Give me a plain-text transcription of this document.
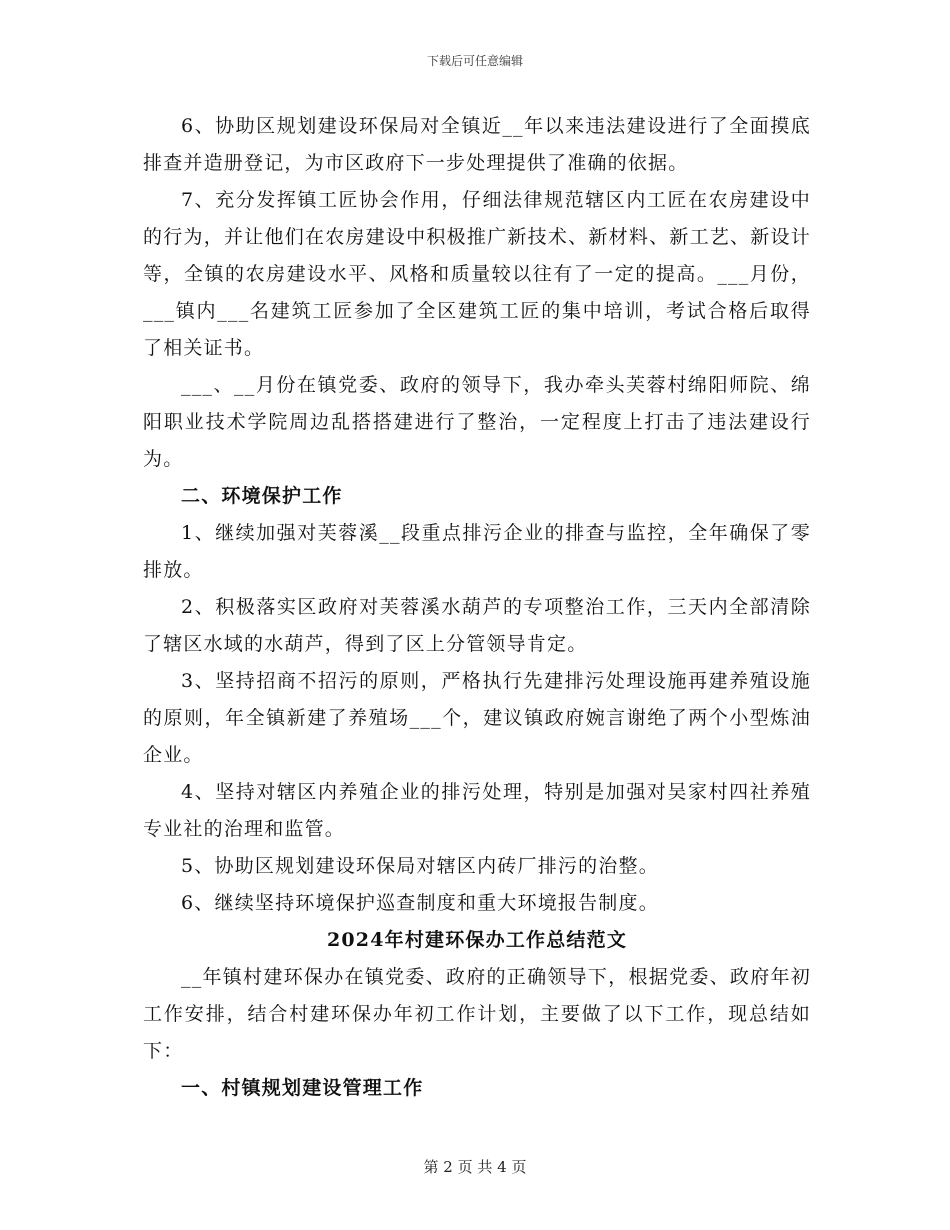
下载后可任意编辑

6、协助区规划建设环保局对全镇近__年以来违法建设进行了全面摸底排查并造册登记，为市区政府下一步处理提供了准确的依据。

7、充分发挥镇工匠协会作用，仔细法律规范辖区内工匠在农房建设中的行为，并让他们在农房建设中积极推广新技术、新材料、新工艺、新设计等，全镇的农房建设水平、风格和质量较以往有了一定的提高。___月份，___镇内___名建筑工匠参加了全区建筑工匠的集中培训，考试合格后取得了相关证书。

___、__月份在镇党委、政府的领导下，我办牵头芙蓉村绵阳师院、绵阳职业技术学院周边乱搭搭建进行了整治，一定程度上打击了违法建设行为。

二、环境保护工作

1、继续加强对芙蓉溪__段重点排污企业的排查与监控，全年确保了零排放。

2、积极落实区政府对芙蓉溪水葫芦的专项整治工作，三天内全部清除了辖区水域的水葫芦，得到了区上分管领导肯定。

3、坚持招商不招污的原则，严格执行先建排污处理设施再建养殖设施的原则，年全镇新建了养殖场___个，建议镇政府婉言谢绝了两个小型炼油企业。

4、坚持对辖区内养殖企业的排污处理，特别是加强对吴家村四社养殖专业社的治理和监管。

5、协助区规划建设环保局对辖区内砖厂排污的治整。

6、继续坚持环境保护巡查制度和重大环境报告制度。

2024年村建环保办工作总结范文

__年镇村建环保办在镇党委、政府的正确领导下，根据党委、政府年初工作安排，结合村建环保办年初工作计划，主要做了以下工作，现总结如下：

一、村镇规划建设管理工作
第 2 页 共 4 页
